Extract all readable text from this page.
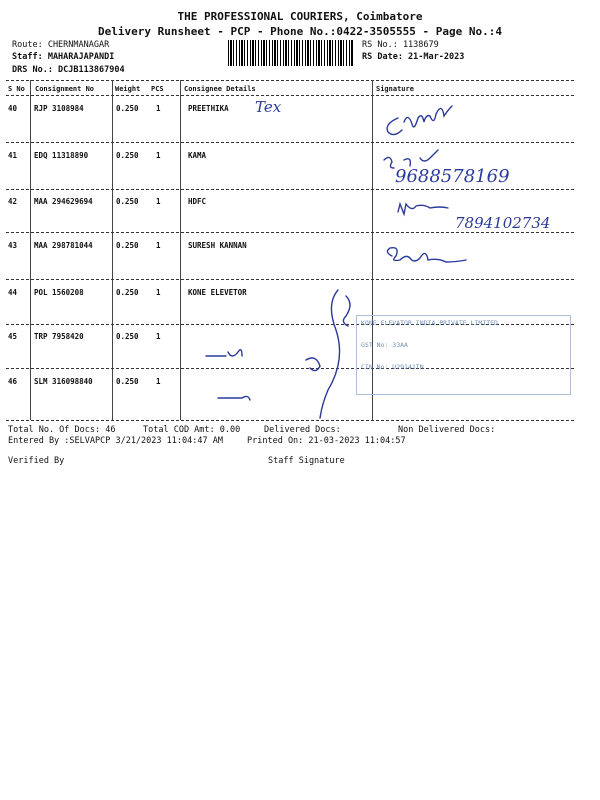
THE PROFESSIONAL COURIERS, Coimbatore
Delivery Runsheet - PCP - Phone No.:0422-3505555 - Page No.:4
Route: CHERNMANAGAR
Staff: MAHARAJAPANDI
DRS No.: DCJB113867904
RS No.: 1138679
RS Date: 21-Mar-2023
S No Consignment No	Weight PCS	Consignee Details	Signature
40 RJP 3108984	0.250 1	PREETHIKA
41 EDQ 11318890	0.250 1	KAMA
42 MAA 294629694	0.250 1	HDFC
43 MAA 298781044	0.250 1	SURESH KANNAN
44 POL 1560208	0.250 1	KONE ELEVETOR
45 TRP 7958420	0.250 1
46 SLM 316098840	0.250 1
KONE ELEVATOR INDIA PRIVATE LIMITED

GST No: 33AA

CIN No: U29141TN
Tex
9688578169
7894102734
Total No. Of Docs: 46	Total COD Amt: 0.00	Delivered Docs:	Non Delivered Docs:
Entered By :SELVAPCP 3/21/2023 11:04:47 AM	Printed On: 21-03-2023 11:04:57
Verified By	Staff Signature
